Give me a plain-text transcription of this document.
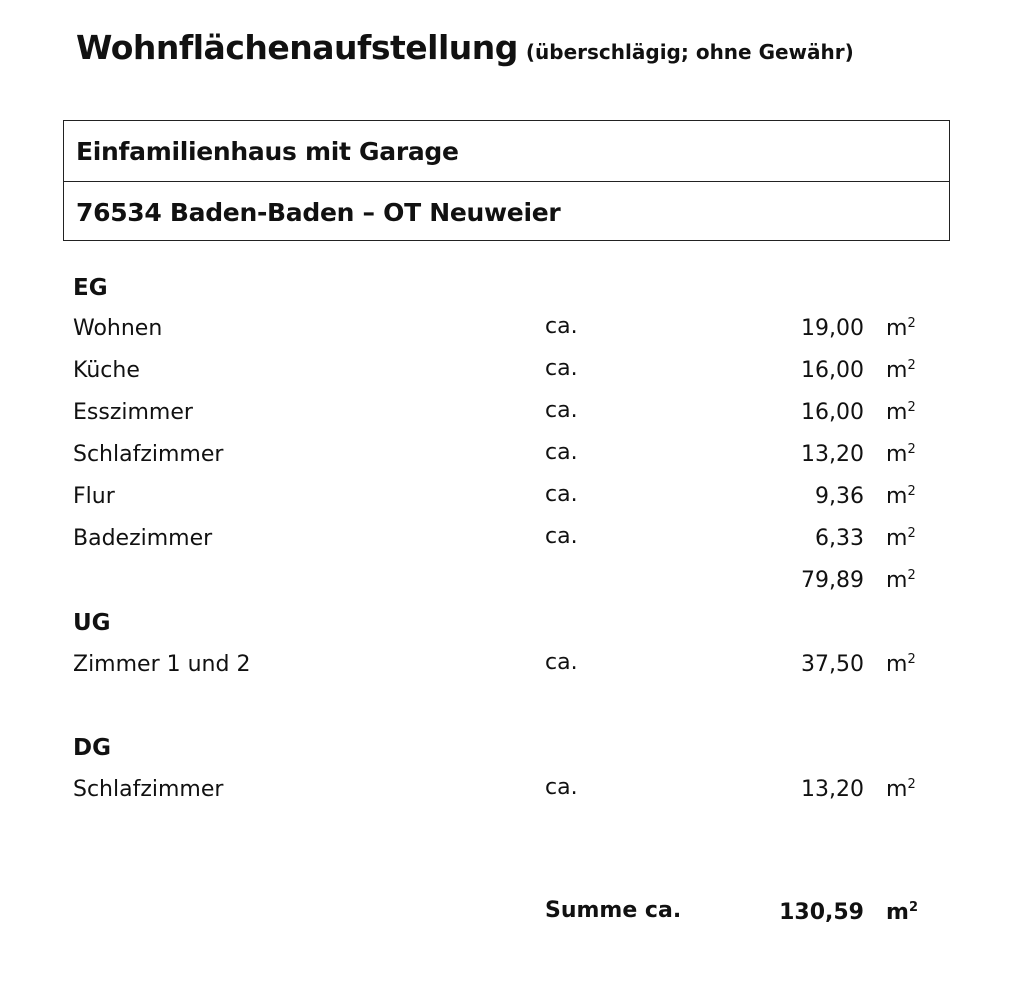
Wohnflächenaufstellung (überschlägig; ohne Gewähr)
Einfamilienhaus mit Garage
76534 Baden-Baden – OT Neuweier
EG
Wohnen	ca.	19,00 $m^2$
Küche	ca.	16,00 $m^2$
Esszimmer	ca.	16,00 $m^2$
Schlafzimmer	ca.	13,20 $m^2$
Flur	ca.	9,36 $m^2$
Badezimmer	ca.	6,33 $m^2$
79,89 $m^2$
UG
Zimmer 1 und 2	ca.	37,50 $m^2$
DG
Schlafzimmer	ca.	13,20 $m^2$
Summe ca.	130,59 $m^2$
